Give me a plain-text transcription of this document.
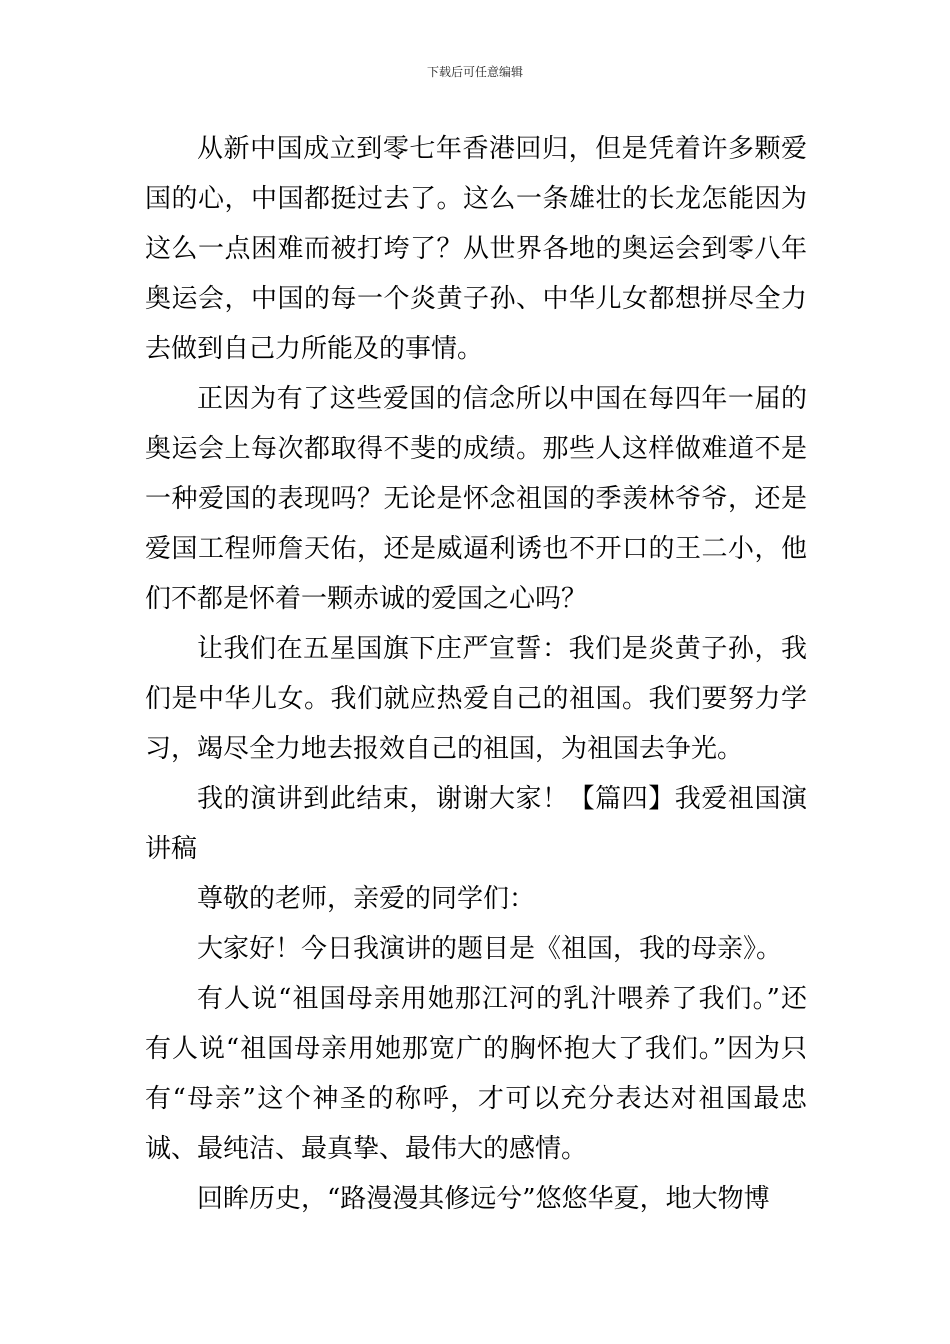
下载后可任意编辑

从新中国成立到零七年香港回归，但是凭着许多颗爱国的心，中国都挺过去了。这么一条雄壮的长龙怎能因为这么一点困难而被打垮了？从世界各地的奥运会到零八年奥运会，中国的每一个炎黄子孙、中华儿女都想拼尽全力去做到自己力所能及的事情。

正因为有了这些爱国的信念所以中国在每四年一届的奥运会上每次都取得不斐的成绩。那些人这样做难道不是一种爱国的表现吗？无论是怀念祖国的季羡林爷爷，还是爱国工程师詹天佑，还是威逼利诱也不开口的王二小，他们不都是怀着一颗赤诚的爱国之心吗？

让我们在五星国旗下庄严宣誓：我们是炎黄子孙，我们是中华儿女。我们就应热爱自己的祖国。我们要努力学习，竭尽全力地去报效自己的祖国，为祖国去争光。

我的演讲到此结束，谢谢大家！【篇四】我爱祖国演讲稿

尊敬的老师，亲爱的同学们：

大家好！今日我演讲的题目是《祖国，我的母亲》。

有人说“祖国母亲用她那江河的乳汁喂养了我们。”还有人说“祖国母亲用她那宽广的胸怀抱大了我们。”因为只有“母亲”这个神圣的称呼，才可以充分表达对祖国最忠诚、最纯洁、最真挚、最伟大的感情。

回眸历史，“路漫漫其修远兮”悠悠华夏，地大物博
